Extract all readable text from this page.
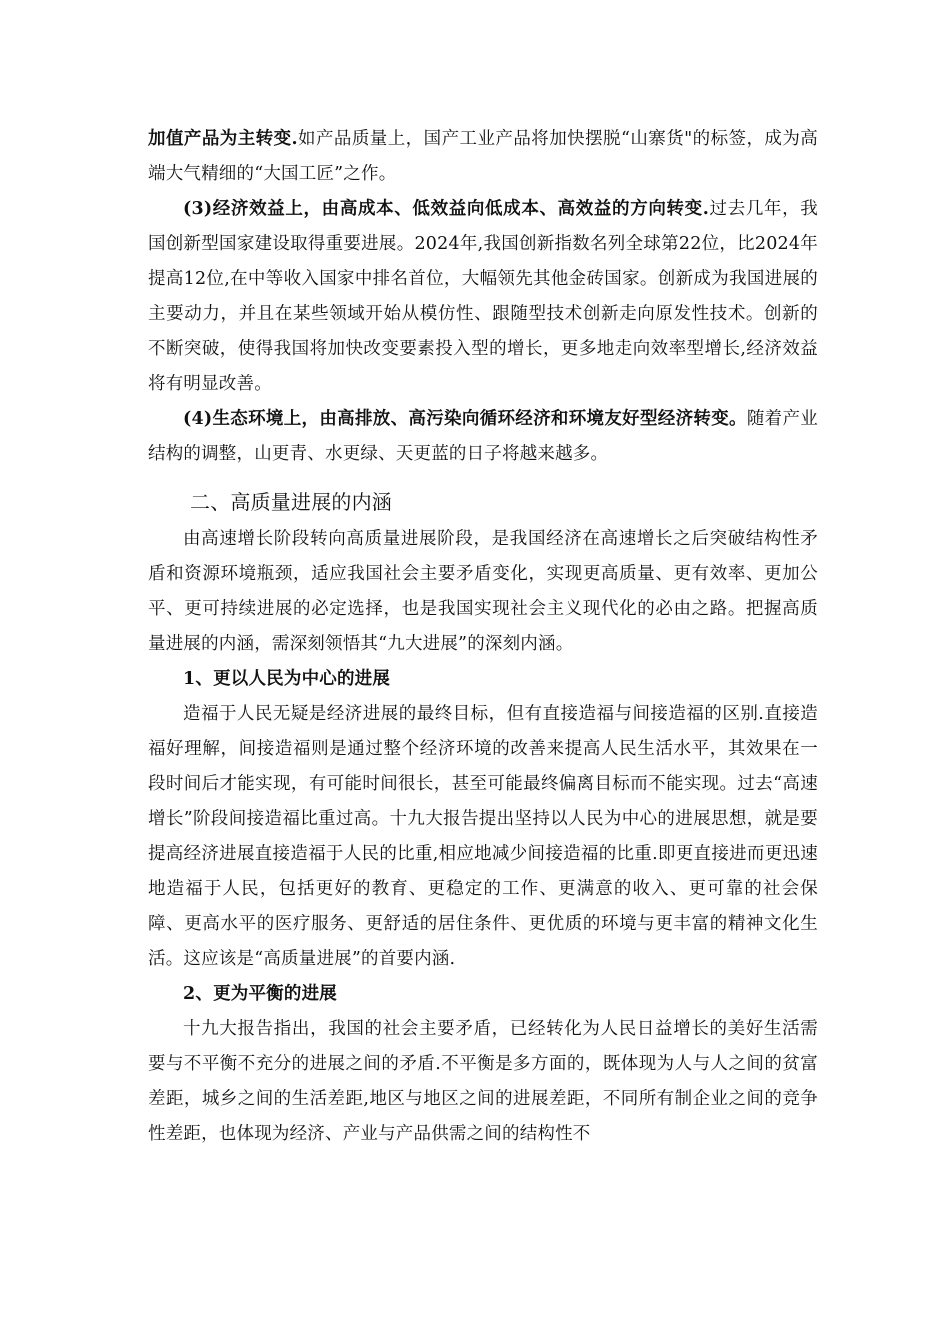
加值产品为主转变.如产品质量上，国产工业产品将加快摆脱“山寨货"的标签，成为高端大气精细的“大国工匠”之作。

(3)经济效益上，由高成本、低效益向低成本、高效益的方向转变.过去几年，我国创新型国家建设取得重要进展。2024年,我国创新指数名列全球第22位，比2024年提高12位,在中等收入国家中排名首位，大幅领先其他金砖国家。创新成为我国进展的主要动力，并且在某些领域开始从模仿性、跟随型技术创新走向原发性技术。创新的不断突破，使得我国将加快改变要素投入型的增长，更多地走向效率型增长,经济效益将有明显改善。

(4)生态环境上，由高排放、高污染向循环经济和环境友好型经济转变。随着产业结构的调整，山更青、水更绿、天更蓝的日子将越来越多。

二、高质量进展的内涵

由高速增长阶段转向高质量进展阶段，是我国经济在高速增长之后突破结构性矛盾和资源环境瓶颈，适应我国社会主要矛盾变化，实现更高质量、更有效率、更加公平、更可持续进展的必定选择，也是我国实现社会主义现代化的必由之路。把握高质量进展的内涵，需深刻领悟其“九大进展”的深刻内涵。

1、更以人民为中心的进展

造福于人民无疑是经济进展的最终目标，但有直接造福与间接造福的区别.直接造福好理解，间接造福则是通过整个经济环境的改善来提高人民生活水平，其效果在一段时间后才能实现，有可能时间很长，甚至可能最终偏离目标而不能实现。过去“高速增长”阶段间接造福比重过高。十九大报告提出坚持以人民为中心的进展思想，就是要提高经济进展直接造福于人民的比重,相应地减少间接造福的比重.即更直接进而更迅速地造福于人民，包括更好的教育、更稳定的工作、更满意的收入、更可靠的社会保障、更高水平的医疗服务、更舒适的居住条件、更优质的环境与更丰富的精神文化生活。这应该是“高质量进展”的首要内涵.

2、更为平衡的进展

十九大报告指出，我国的社会主要矛盾，已经转化为人民日益增长的美好生活需要与不平衡不充分的进展之间的矛盾.不平衡是多方面的，既体现为人与人之间的贫富差距，城乡之间的生活差距,地区与地区之间的进展差距，不同所有制企业之间的竞争性差距，也体现为经济、产业与产品供需之间的结构性不
